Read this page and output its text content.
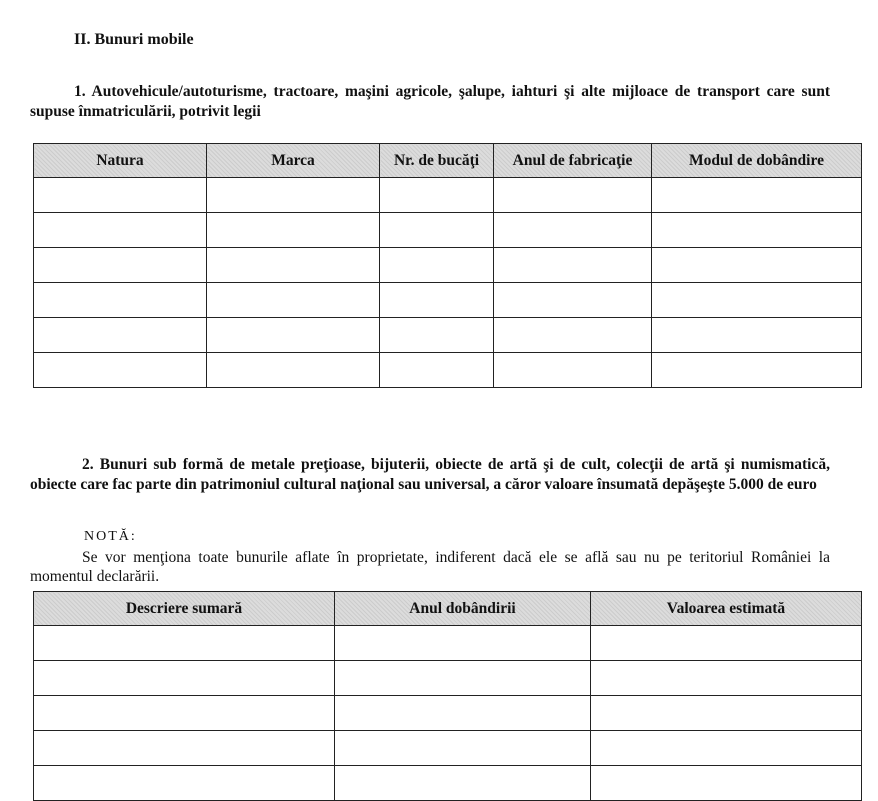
II. Bunuri mobile
1. Autovehicule/autoturisme, tractoare, maşini agricole, şalupe, iahturi şi alte mijloace de transport care sunt supuse înmatriculării, potrivit legii
Natura	Marca	Nr. de bucăţi	Anul de fabricaţie	Modul de dobândire

2. Bunuri sub formă de metale preţioase, bijuterii, obiecte de artă şi de cult, colecţii de artă şi numismatică, obiecte care fac parte din patrimoniul cultural naţional sau universal, a căror valoare însumată depăşeşte 5.000 de euro
NOTĂ:
Se vor menţiona toate bunurile aflate în proprietate, indiferent dacă ele se află sau nu pe teritoriul României la momentul declarării.
Descriere sumară	Anul dobândirii	Valoarea estimată
